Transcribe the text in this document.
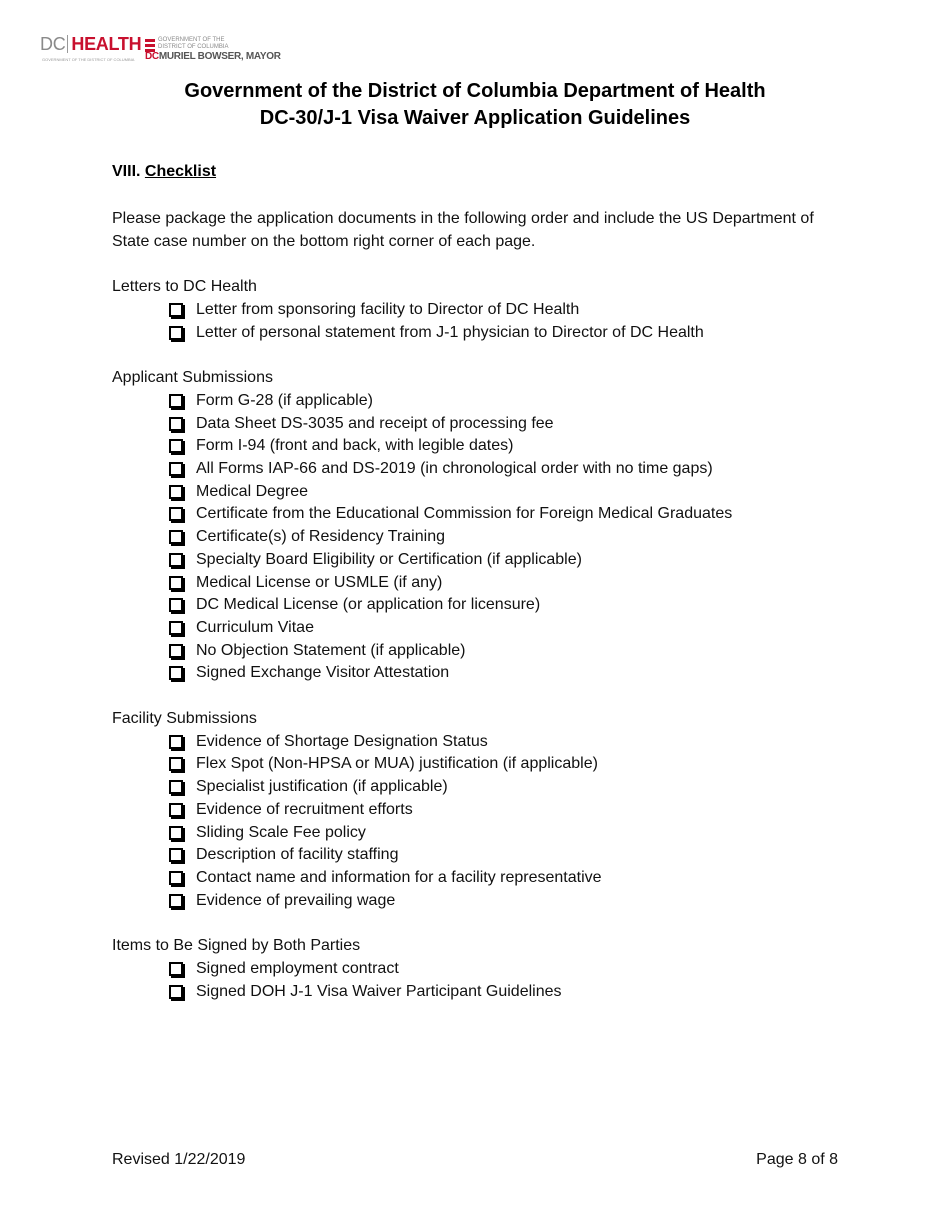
DC HEALTH
GOVERNMENT OF THE DISTRICT OF COLUMBIA
GOVERNMENT OF THE
DISTRICT OF COLUMBIA
DCMURIEL BOWSER, MAYOR
Government of the District of Columbia Department of Health
DC-30/J-1 Visa Waiver Application Guidelines
VIII. Checklist
Please package the application documents in the following order and include the US Department of State case number on the bottom right corner of each page.
Letters to DC Health
Letter from sponsoring facility to Director of DC Health
Letter of personal statement from J-1 physician to Director of DC Health
Applicant Submissions
Form G-28 (if applicable)
Data Sheet DS-3035 and receipt of processing fee
Form I-94 (front and back, with legible dates)
All Forms IAP-66 and DS-2019 (in chronological order with no time gaps)
Medical Degree
Certificate from the Educational Commission for Foreign Medical Graduates
Certificate(s) of Residency Training
Specialty Board Eligibility or Certification (if applicable)
Medical License or USMLE (if any)
DC Medical License (or application for licensure)
Curriculum Vitae
No Objection Statement (if applicable)
Signed Exchange Visitor Attestation
Facility Submissions
Evidence of Shortage Designation Status
Flex Spot (Non-HPSA or MUA) justification (if applicable)
Specialist justification (if applicable)
Evidence of recruitment efforts
Sliding Scale Fee policy
Description of facility staffing
Contact name and information for a facility representative
Evidence of prevailing wage
Items to Be Signed by Both Parties
Signed employment contract
Signed DOH J-1 Visa Waiver Participant Guidelines
Revised 1/22/2019	Page 8 of 8
